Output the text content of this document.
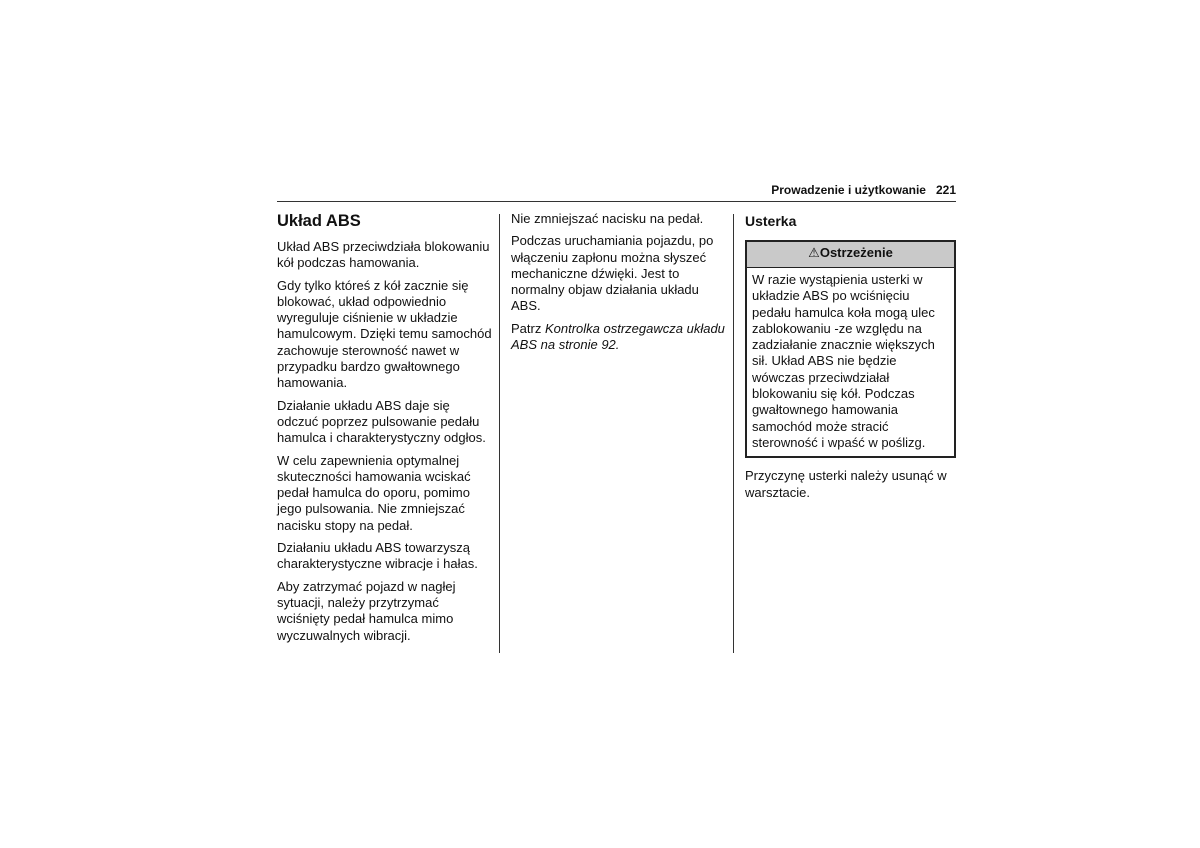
Prowadzenie i użytkowanie 221
Układ ABS

Układ ABS przeciwdziała blokowaniu kół podczas hamowania.

Gdy tylko któreś z kół zacznie się blokować, układ odpowiednio wyreguluje ciśnienie w układzie hamulcowym. Dzięki temu samochód zachowuje sterowność nawet w przypadku bardzo gwałtownego hamowania.

Działanie układu ABS daje się odczuć poprzez pulsowanie pedału hamulca i charakterystyczny odgłos.

W celu zapewnienia optymalnej skuteczności hamowania wciskać pedał hamulca do oporu, pomimo jego pulsowania. Nie zmniejszać nacisku stopy na pedał.

Działaniu układu ABS towarzyszą charakterystyczne wibracje i hałas.

Aby zatrzymać pojazd w nagłej sytuacji, należy przytrzymać wciśnięty pedał hamulca mimo wyczuwalnych wibracji.

Nie zmniejszać nacisku na pedał.

Podczas uruchamiania pojazdu, po włączeniu zapłonu można słyszeć mechaniczne dźwięki. Jest to normalny objaw działania układu ABS.

Patrz Kontrolka ostrzegawcza układu ABS na stronie 92.

Usterka
⚠Ostrzeżenie
W razie wystąpienia usterki w układzie ABS po wciśnięciu pedału hamulca koła mogą ulec zablokowaniu -ze względu na zadziałanie znacznie większych sił. Układ ABS nie będzie wówczas przeciwdziałał blokowaniu się kół. Podczas gwałtownego hamowania samochód może stracić sterowność i wpaść w poślizg.

Przyczynę usterki należy usunąć w warsztacie.
